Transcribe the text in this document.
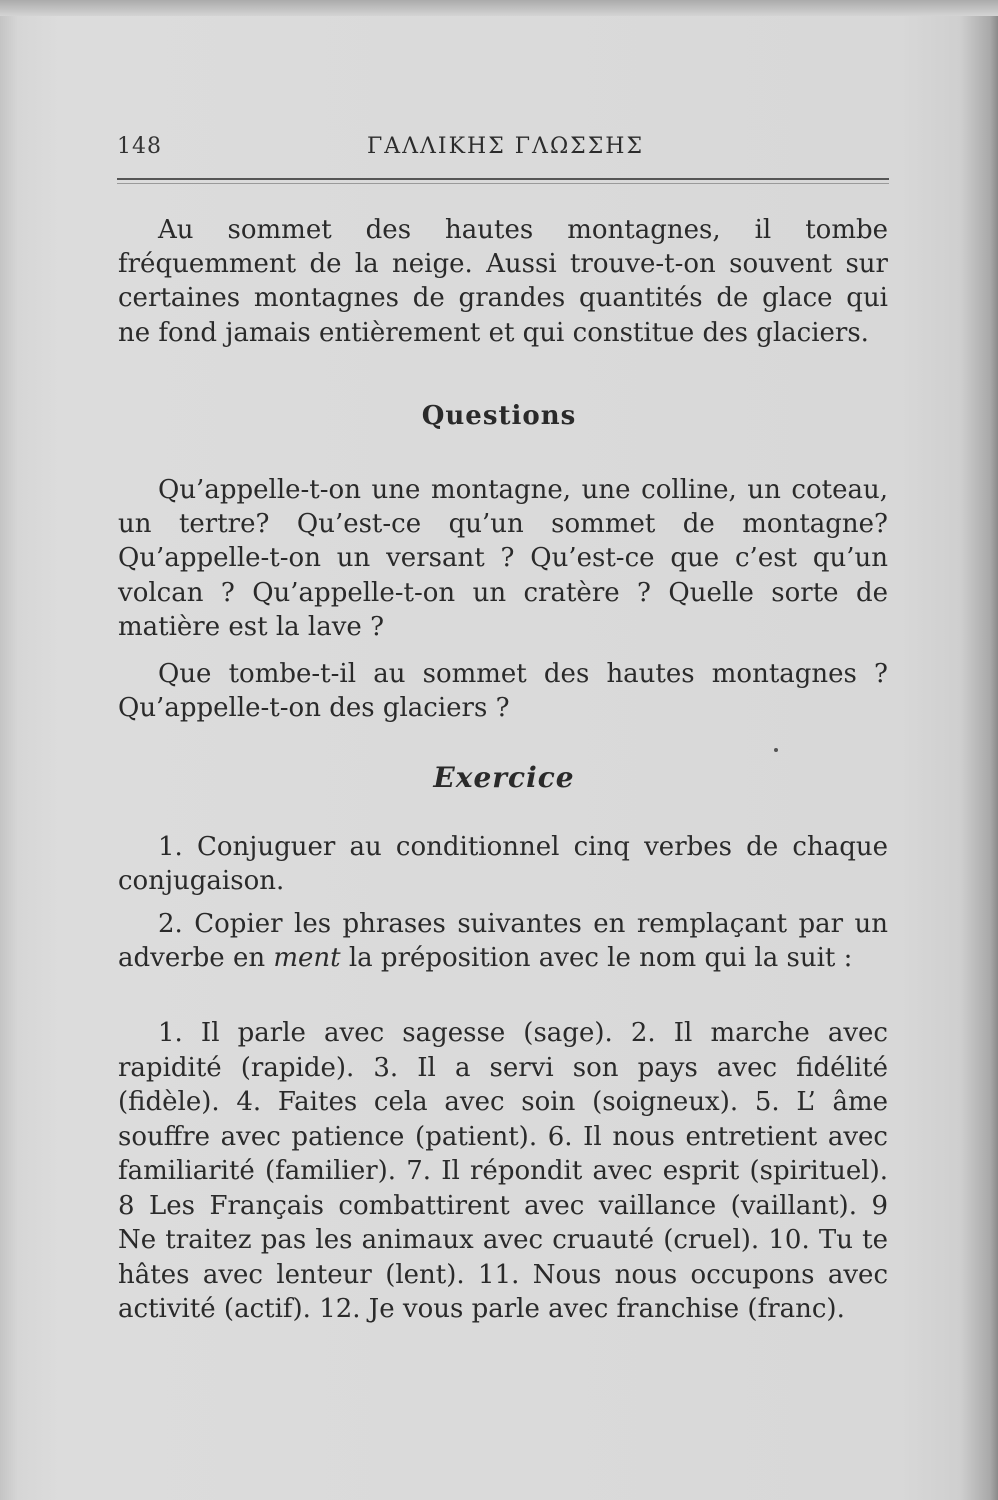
148	ΓΑΛΛΙΚΗΣ ΓΛΩΣΣΗΣ

Au sommet des hautes montagnes, il tombe fréquemment de la neige. Aussi trouve-t-on souvent sur certaines montagnes de grandes quantités de glace qui ne fond jamais entièrement et qui constitue des glaciers.

Questions

Qu’appelle-t-on une montagne, une colline, un coteau, un tertre? Qu’est-ce qu’un sommet de montagne? Qu’appelle-t-on un versant ? Qu’est-ce que c’est qu’un volcan ? Qu’appelle-t-on un cratère ? Quelle sorte de matière est la lave ?

Que tombe-t-il au sommet des hautes montagnes ? Qu’appelle-t-on des glaciers ?

Exercice

1. Conjuguer au conditionnel cinq verbes de chaque conjugaison.

2. Copier les phrases suivantes en remplaçant par un adverbe en ment la préposition avec le nom qui la suit :

1. Il parle avec sagesse (sage). 2. Il marche avec rapidité (rapide). 3. Il a servi son pays avec fidélité (fidèle). 4. Faites cela avec soin (soigneux). 5. L’ âme souffre avec patience (patient). 6. Il nous entretient avec familiarité (familier). 7. Il répondit avec esprit (spirituel). 8 Les Français combattirent avec vaillance (vaillant). 9 Ne traitez pas les animaux avec cruauté (cruel). 10. Tu te hâtes avec lenteur (lent). 11. Nous nous occupons avec activité (actif). 12. Je vous parle avec franchise (franc).
